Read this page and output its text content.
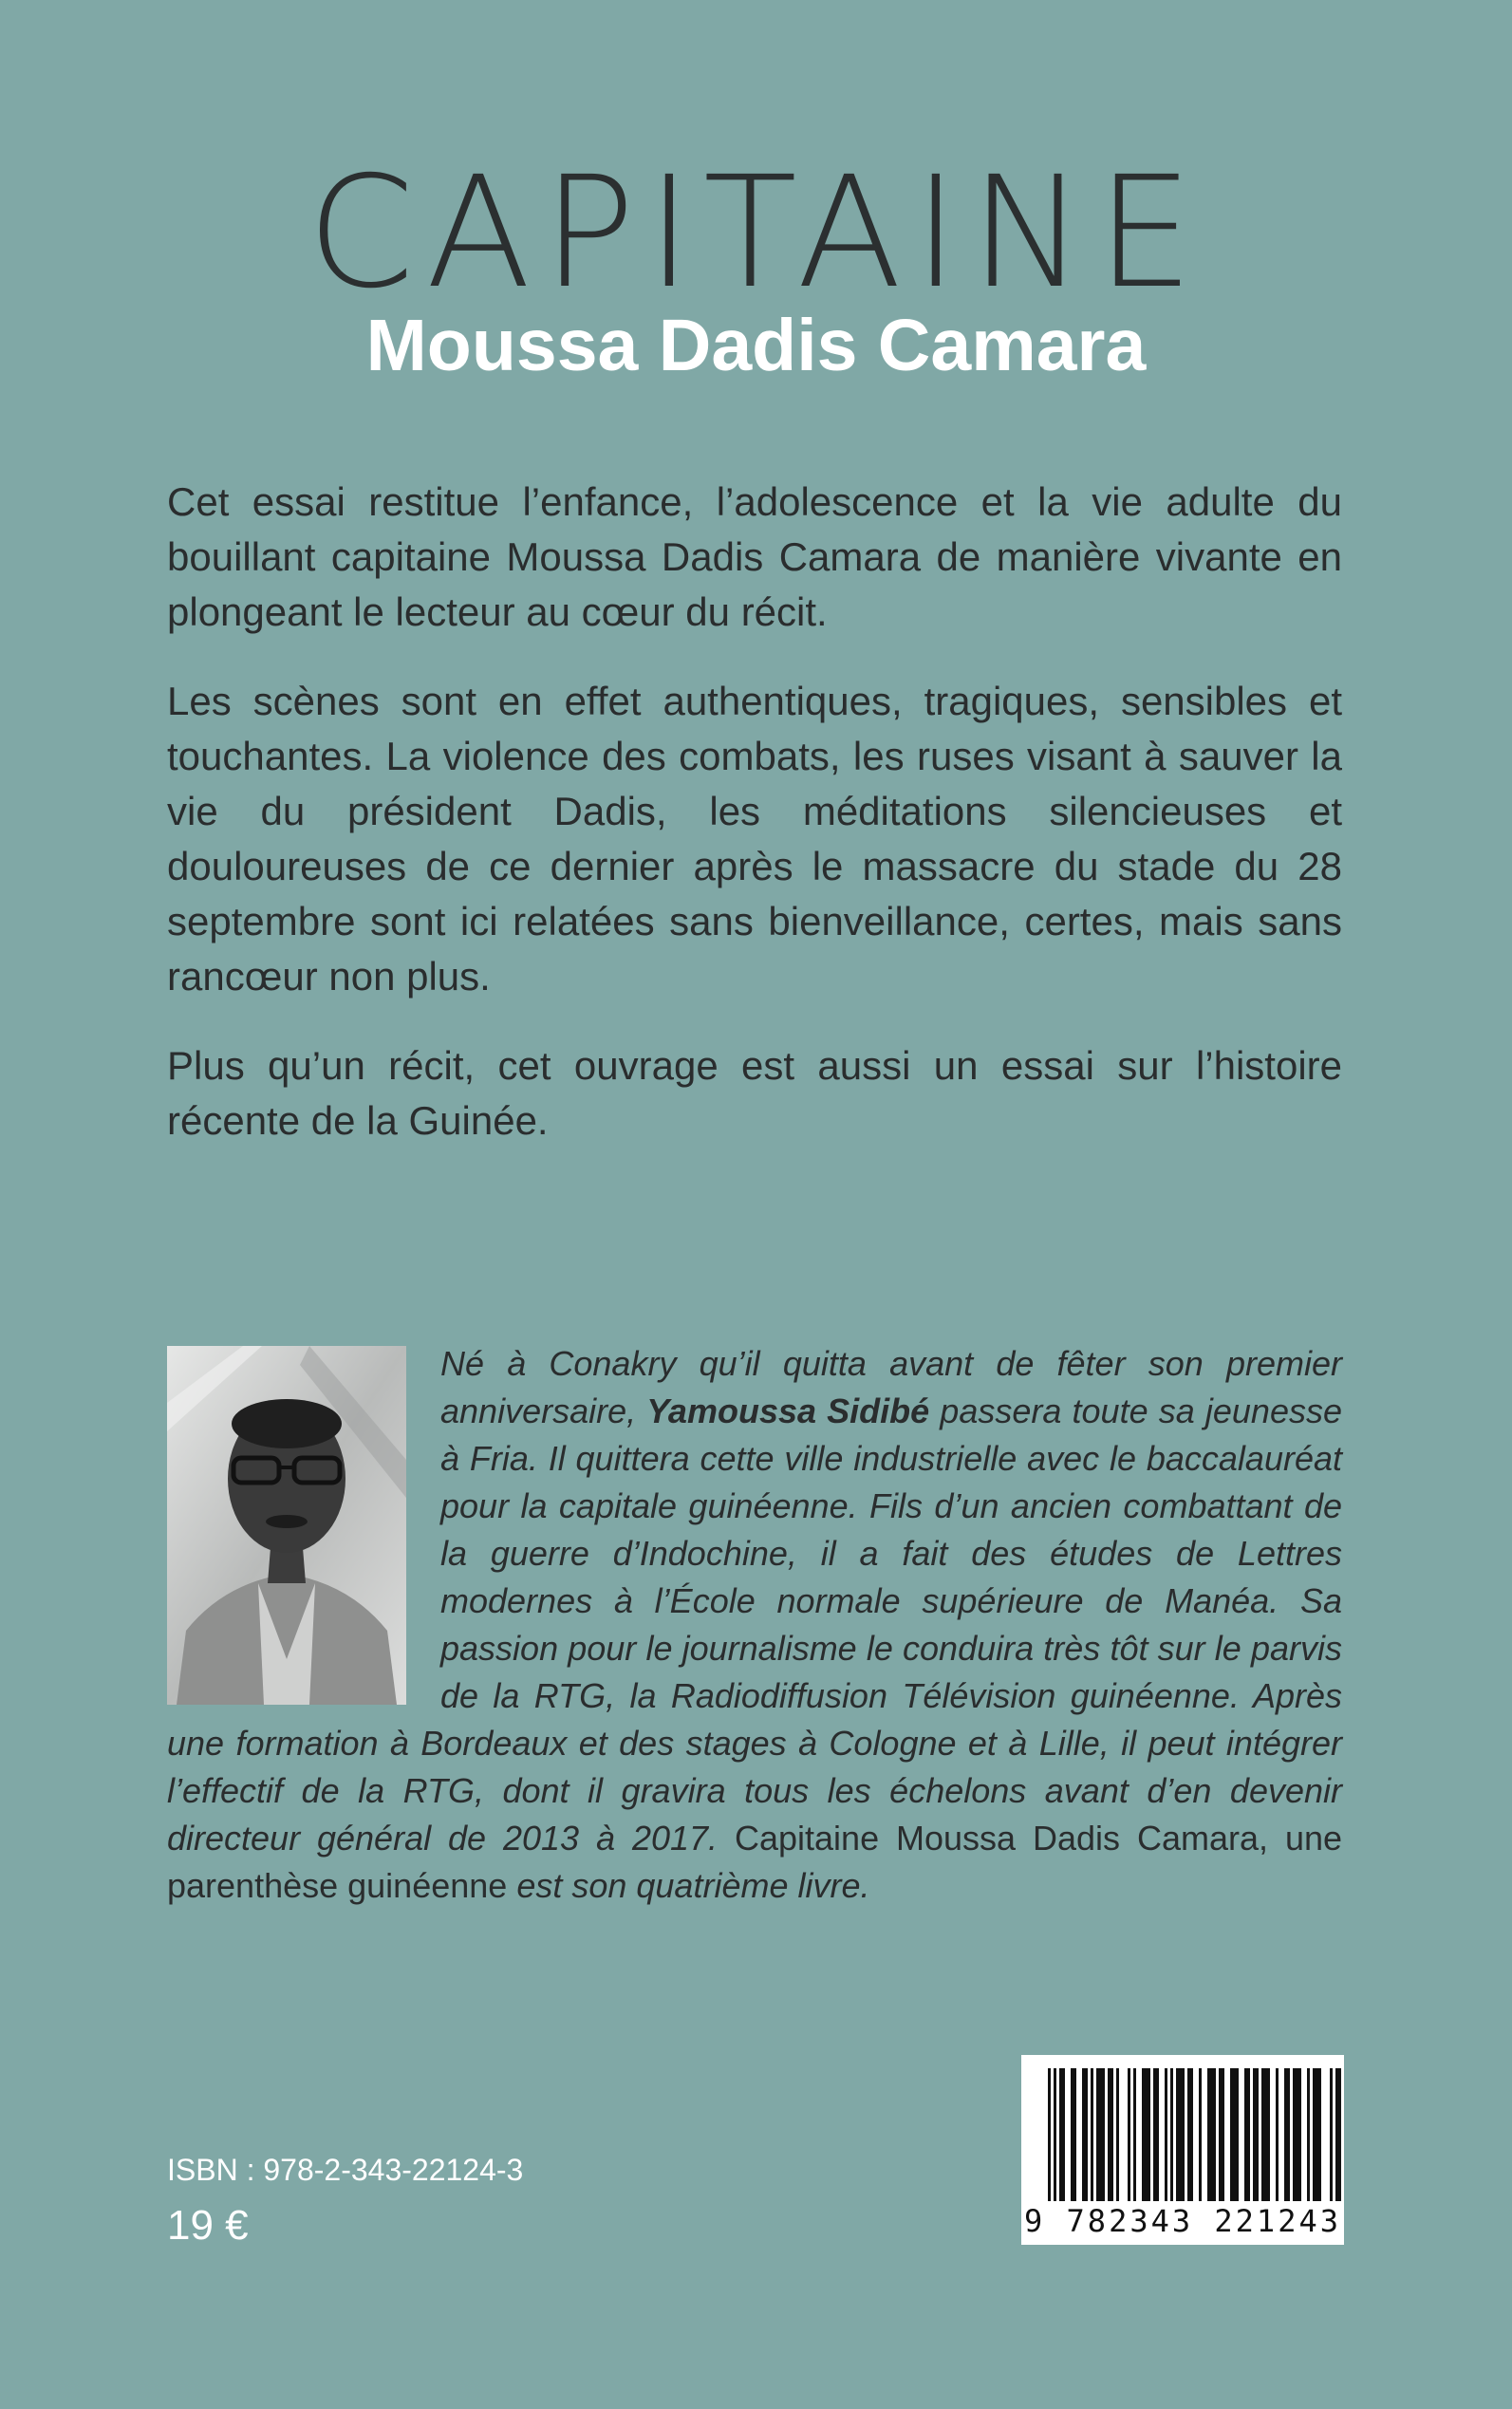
CAPITAINE
Moussa Dadis Camara

Cet essai restitue l’enfance, l’adolescence et la vie adulte du bouillant capitaine Moussa Dadis Camara de manière vivante en plongeant le lecteur au cœur du récit.

Les scènes sont en effet authentiques, tragiques, sensibles et touchantes. La violence des combats, les ruses visant à sauver la vie du président Dadis, les méditations silencieuses et douloureuses de ce dernier après le massacre du stade du 28 septembre sont ici relatées sans bienveillance, certes, mais sans rancœur non plus.

Plus qu’un récit, cet ouvrage est aussi un essai sur l’histoire récente de la Guinée.

Né à Conakry qu’il quitta avant de fêter son premier anniversaire, Yamoussa Sidibé passera toute sa jeunesse à Fria. Il quittera cette ville industrielle avec le baccalauréat pour la capitale guinéenne. Fils d’un ancien combattant de la guerre d’Indochine, il a fait des études de Lettres modernes à l’École normale supérieure de Manéa. Sa passion pour le journalisme le conduira très tôt sur le parvis de la RTG, la Radiodiffusion Télévision guinéenne. Après une formation à Bordeaux et des stages à Cologne et à Lille, il peut intégrer l’effectif de la RTG, dont il gravira tous les échelons avant d’en devenir directeur général de 2013 à 2017. Capitaine Moussa Dadis Camara, une parenthèse guinéenne est son quatrième livre.
ISBN : 978-2-343-22124-3
19 €	9 782343 221243
